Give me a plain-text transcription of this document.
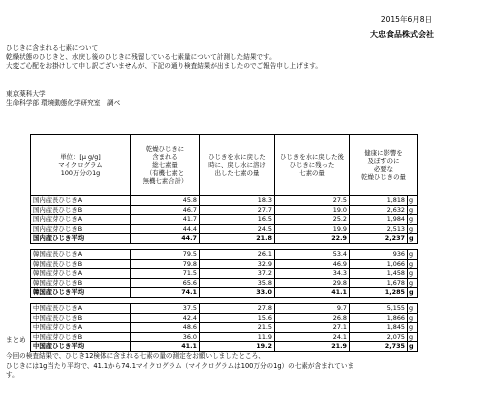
2015年6月8日
大忠食品株式会社
ひじきに含まれる七素について
乾燥状態のひじきと、水戻し後のひじきに残留している七素量について計測した結果です。
大変ご心配をお掛けして申し訳ございませんが、下記の通り検査結果が出ましたのでご報告申し上げます。
東京薬科大学
生命科学部 環境動態化学研究室　調べ
単位：[μ g/g]
マイクログラム
100万分の1g	乾燥ひじきに
含まれる
総七素量
（有機七素と
無機七素合計）	ひじきを水に戻した
時に、戻し水に溶け
出した七素の量	ひじきを水に戻した後
ひじきに残った
七素の量	健康に影響を
及ぼすのに
必要な
乾燥ひじきの量	
国内産長ひじきA	45.8	18.3	27.5	1,818	g
国内産長ひじきB	46.7	27.7	19.0	2,632	g
国内産芽ひじきA	41.7	16.5	25.2	1,984	g
国内産芽ひじきB	44.4	24.5	19.9	2,513	g
国内産ひじき平均	44.7	21.8	22.9	2,237	g

韓国産長ひじきA	79.5	26.1	53.4	936	g
韓国産長ひじきB	79.8	32.9	46.9	1,066	g
韓国産芽ひじきA	71.5	37.2	34.3	1,458	g
韓国産芽ひじきB	65.6	35.8	29.8	1,678	g
韓国産ひじき平均	74.1	33.0	41.1	1,285	g

中国産長ひじきA	37.5	27.8	9.7	5,155	g
中国産長ひじきB	42.4	15.6	26.8	1,866	g
中国産芽ひじきA	48.6	21.5	27.1	1,845	g
中国産芽ひじきB	36.0	11.9	24.1	2,075	g
中国産ひじき平均	41.1	19.2	21.9	2,735	g
まとめ
今回の検査結果で、ひじき12検体に含まれる七素の量の測定をお願いしましたところ、
ひじきには1g当たり平均で、41.1から74.1マイクログラム（マイクログラムは100万分の1g）の七素が含まれていま
す。
